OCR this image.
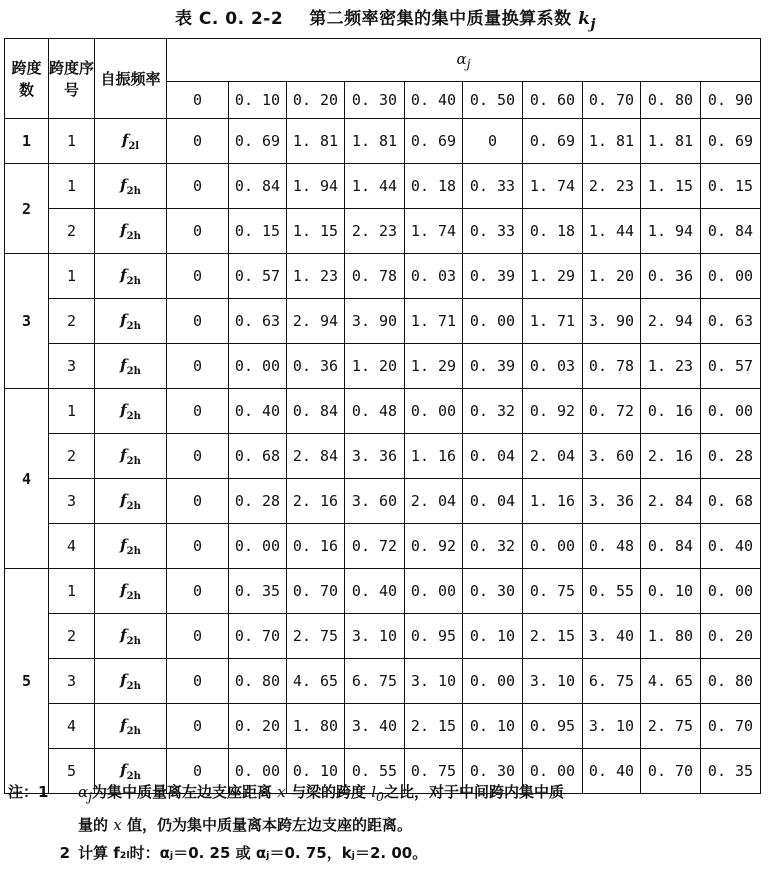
表 C. 0. 2-2 第二频率密集的集中质量换算系数 $k_j$
跨度数	跨度序号	自振频率	$\alpha_j$
			0	0. 10	0. 20	0. 30	0. 40	0. 50	0. 60	0. 70	0. 80	0. 90
1	1	$f_{2l}$	0	0. 69	1. 81	1. 81	0. 69	0	0. 69	1. 81	1. 81	0. 69
2	1	$f_{2h}$	0	0. 84	1. 94	1. 44	0. 18	0. 33	1. 74	2. 23	1. 15	0. 15
	2	$f_{2h}$	0	0. 15	1. 15	2. 23	1. 74	0. 33	0. 18	1. 44	1. 94	0. 84
3	1	$f_{2h}$	0	0. 57	1. 23	0. 78	0. 03	0. 39	1. 29	1. 20	0. 36	0. 00
	2	$f_{2h}$	0	0. 63	2. 94	3. 90	1. 71	0. 00	1. 71	3. 90	2. 94	0. 63
	3	$f_{2h}$	0	0. 00	0. 36	1. 20	1. 29	0. 39	0. 03	0. 78	1. 23	0. 57
4	1	$f_{2h}$	0	0. 40	0. 84	0. 48	0. 00	0. 32	0. 92	0. 72	0. 16	0. 00
	2	$f_{2h}$	0	0. 68	2. 84	3. 36	1. 16	0. 04	2. 04	3. 60	2. 16	0. 28
	3	$f_{2h}$	0	0. 28	2. 16	3. 60	2. 04	0. 04	1. 16	3. 36	2. 84	0. 68
	4	$f_{2h}$	0	0. 00	0. 16	0. 72	0. 92	0. 32	0. 00	0. 48	0. 84	0. 40
5	1	$f_{2h}$	0	0. 35	0. 70	0. 40	0. 00	0. 30	0. 75	0. 55	0. 10	0. 00
	2	$f_{2h}$	0	0. 70	2. 75	3. 10	0. 95	0. 10	2. 15	3. 40	1. 80	0. 20
	3	$f_{2h}$	0	0. 80	4. 65	6. 75	3. 10	0. 00	3. 10	6. 75	4. 65	0. 80
	4	$f_{2h}$	0	0. 20	1. 80	3. 40	2. 15	0. 10	0. 95	3. 10	2. 75	0. 70
	5	$f_{2h}$	0	0. 00	0. 10	0. 55	0. 75	0. 30	0. 00	0. 40	0. 70	0. 35
注：1	$\alpha_j$为集中质量离左边支座距离 x 与梁的跨度 $l_0$之比，对于中间跨内集中质
量的 x 值，仍为集中质量离本跨左边支座的距离。
2 计算 f₂ₗ时：αⱼ＝0. 25 或 αⱼ＝0. 75，kⱼ＝2. 00。
